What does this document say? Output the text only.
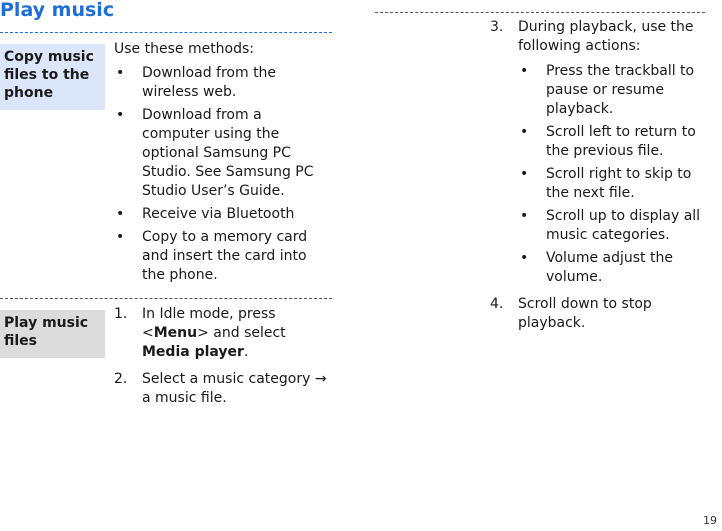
Play music
Copy music files to the phone

Use these methods:

• Download from the wireless web.
• Download from a computer using the optional Samsung PC Studio. See Samsung PC Studio User’s Guide.
• Receive via Bluetooth
• Copy to a memory card and insert the card into the phone.
Play music files
1. In Idle mode, press <Menu> and select Media player.
2. Select a music category → a music file.
3. During playback, use the following actions:
• Press the trackball to pause or resume playback.
• Scroll left to return to the previous file.
• Scroll right to skip to the next file.
• Scroll up to display all music categories.
• Volume adjust the volume.
4. Scroll down to stop playback.
19
